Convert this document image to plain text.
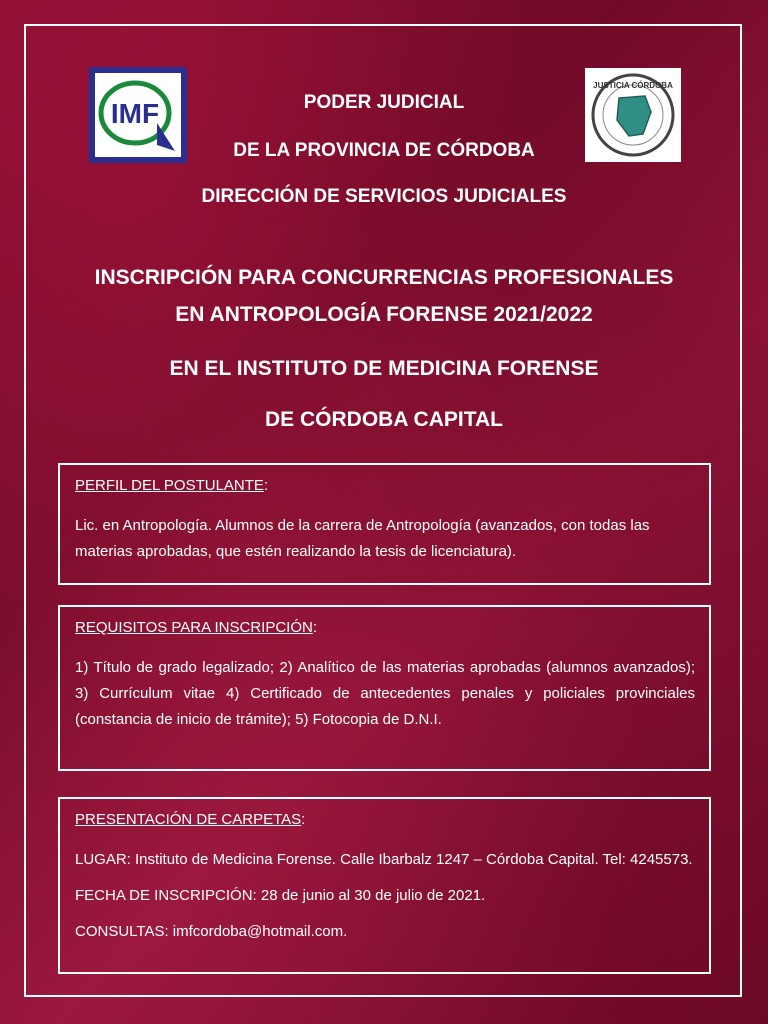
IMF
JUSTICIA CÓRDOBA
PODER JUDICIAL
DE LA PROVINCIA DE CÓRDOBA
DIRECCIÓN DE SERVICIOS JUDICIALES
INSCRIPCIÓN PARA CONCURRENCIAS PROFESIONALES
EN ANTROPOLOGÍA FORENSE 2021/2022
EN EL INSTITUTO DE MEDICINA FORENSE
DE CÓRDOBA CAPITAL
PERFIL DEL POSTULANTE:

Lic. en Antropología. Alumnos de la carrera de Antropología (avanzados, con todas las materias aprobadas, que estén realizando la tesis de licenciatura).

REQUISITOS PARA INSCRIPCIÓN:

1) Título de grado legalizado; 2) Analítico de las materias aprobadas (alumnos avanzados); 3) Currículum vitae 4) Certificado de antecedentes penales y policiales provinciales (constancia de inicio de trámite); 5) Fotocopia de D.N.I.

PRESENTACIÓN DE CARPETAS:

LUGAR: Instituto de Medicina Forense. Calle Ibarbalz 1247 – Córdoba Capital. Tel: 4245573.

FECHA DE INSCRIPCIÓN: 28 de junio al 30 de julio de 2021.

CONSULTAS: imfcordoba@hotmail.com.
